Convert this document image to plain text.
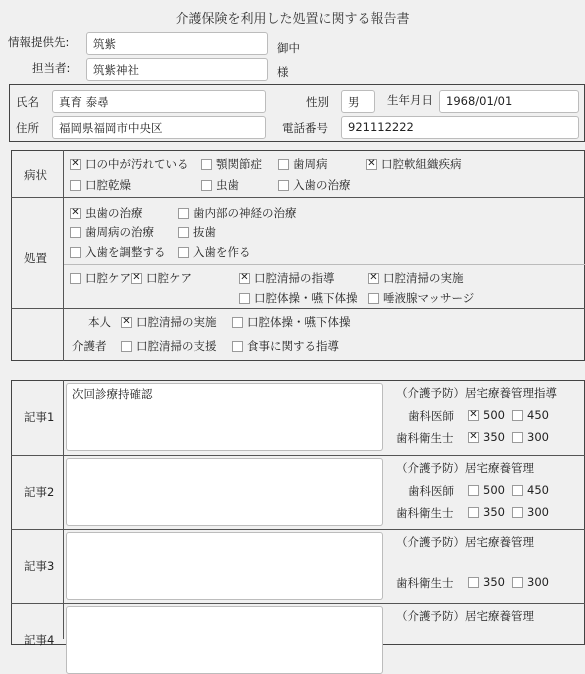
介護保険を利用した処置に関する報告書
情報提供先:	筑紫	御中
担当者:	筑紫神社	様
氏名	真育 泰尋	性別	男	生年月日	1968/01/01
住所	福岡県福岡市中央区	電話番号	921112222
病状
処置
✕ 口の中が汚れている 顎関節症	歯周病	✕ 口腔軟組織疾病
口腔乾燥	虫歯	入歯の治療
✕ 虫歯の治療	歯内部の神経の治療
歯周病の治療	抜歯
入歯を調整する 入歯を作る
口腔ケア ✕ 口腔ケア	✕ 口腔清掃の指導	✕ 口腔清掃の実施
口腔体操・嚥下体操 唾液腺マッサージ
本人
介護者
✕ 口腔清掃の実施	口腔体操・嚥下体操
口腔清掃の支援	食事に関する指導
記事1
次回診療持確認	（介護予防）居宅療養管理指導
歯科医師 ✕ 500 450
歯科衛生士 ✕ 350 300
記事2
（介護予防）居宅療養管理
歯科医師	500 450
歯科衛生士	350 300
記事3
（介護予防）居宅療養管理
歯科衛生士	350 300
記事4
（介護予防）居宅療養管理
